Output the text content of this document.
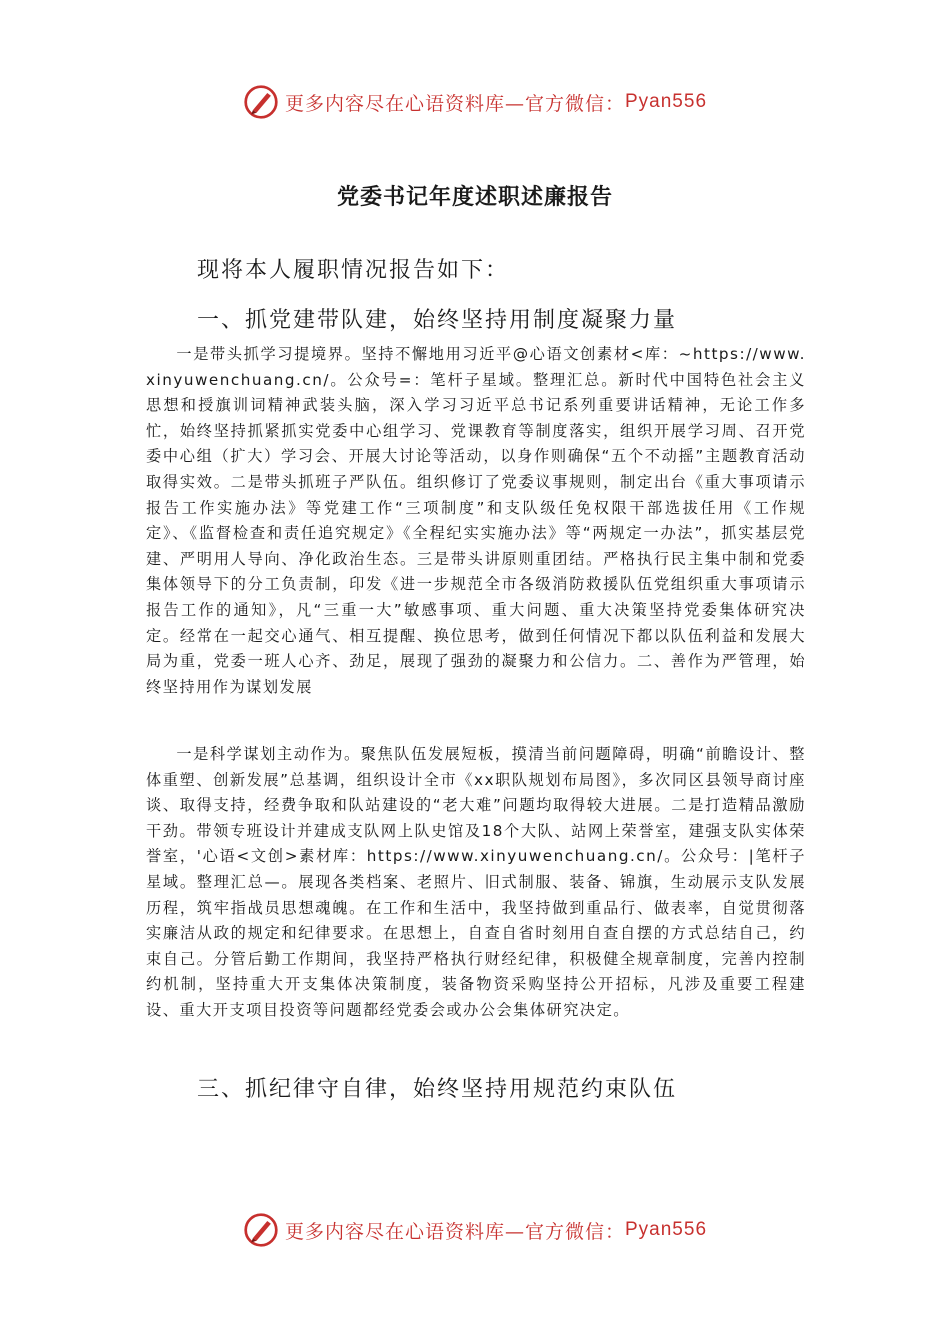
更多内容尽在心语资料库—官方微信： Pyan556
党委书记年度述职述廉报告

现将本人履职情况报告如下：

一、抓党建带队建，始终坚持用制度凝聚力量

一是带头抓学习提境界。坚持不懈地用习近平@心语文创素材<库：~https://www.xinyuwenchuang.cn/。公众号=：笔杆子星域。整理汇总。新时代中国特色社会主义思想和授旗训词精神武装头脑，深入学习习近平总书记系列重要讲话精神，无论工作多忙，始终坚持抓紧抓实党委中心组学习、党课教育等制度落实，组织开展学习周、召开党委中心组（扩大）学习会、开展大讨论等活动，以身作则确保“五个不动摇”主题教育活动取得实效。二是带头抓班子严队伍。组织修订了党委议事规则，制定出台《重大事项请示报告工作实施办法》等党建工作“三项制度”和支队级任免权限干部选拔任用《工作规定》、《监督检查和责任追究规定》《全程纪实实施办法》等“两规定一办法”，抓实基层党建、严明用人导向、净化政治生态。三是带头讲原则重团结。严格执行民主集中制和党委集体领导下的分工负责制，印发《进一步规范全市各级消防救援队伍党组织重大事项请示报告工作的通知》，凡“三重一大”敏感事项、重大问题、重大决策坚持党委集体研究决定。经常在一起交心通气、相互提醒、换位思考，做到任何情况下都以队伍利益和发展大局为重，党委一班人心齐、劲足，展现了强劲的凝聚力和公信力。二、善作为严管理，始终坚持用作为谋划发展

一是科学谋划主动作为。聚焦队伍发展短板，摸清当前问题障碍，明确“前瞻设计、整体重塑、创新发展”总基调，组织设计全市《xx职队规划布局图》，多次同区县领导商讨座谈、取得支持，经费争取和队站建设的“老大难”问题均取得较大进展。二是打造精品激励干劲。带领专班设计并建成支队网上队史馆及18个大队、站网上荣誉室，建强支队实体荣誉室，'心语<文创>素材库：https://www.xinyuwenchuang.cn/。公众号：|笔杆子星域。整理汇总—。展现各类档案、老照片、旧式制服、装备、锦旗，生动展示支队发展历程，筑牢指战员思想魂魄。在工作和生活中，我坚持做到重品行、做表率，自觉贯彻落实廉洁从政的规定和纪律要求。在思想上，自查自省时刻用自查自摆的方式总结自己，约束自己。分管后勤工作期间，我坚持严格执行财经纪律，积极健全规章制度，完善内控制约机制，坚持重大开支集体决策制度，装备物资采购坚持公开招标，凡涉及重要工程建设、重大开支项目投资等问题都经党委会或办公会集体研究决定。

三、抓纪律守自律，始终坚持用规范约束队伍

更多内容尽在心语资料库—官方微信： Pyan556
